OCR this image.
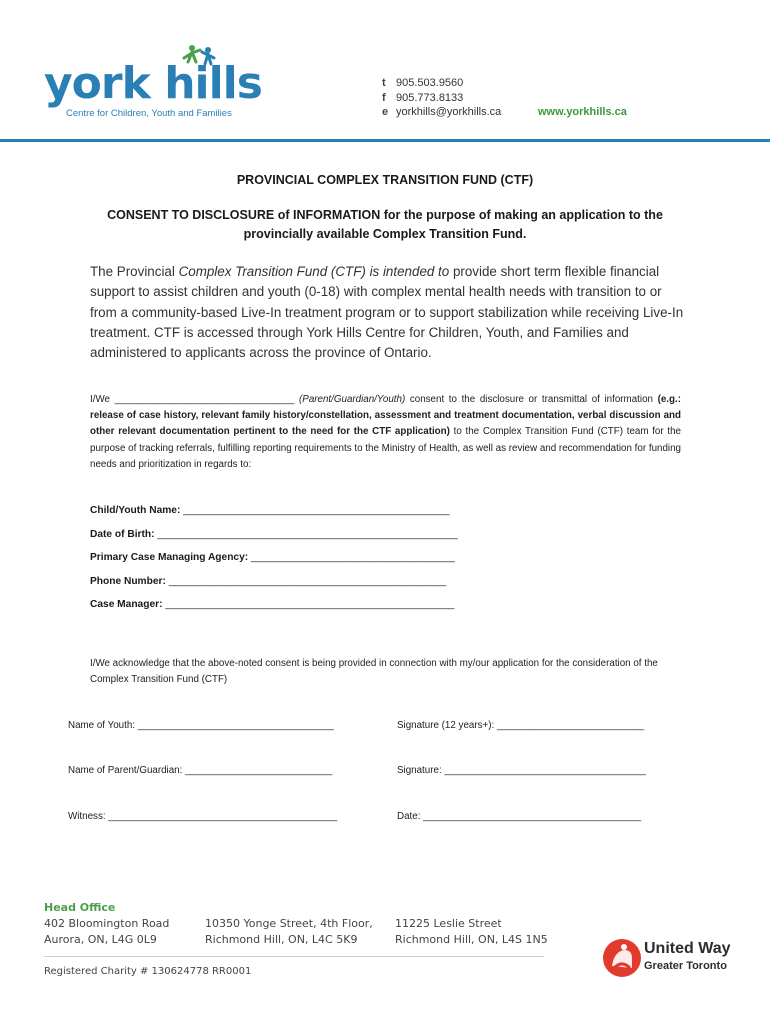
york hills
Centre for Children, Youth and Families
t 905.503.9560
f 905.773.8133
e yorkhills@yorkhills.ca	www.yorkhills.ca
PROVINCIAL COMPLEX TRANSITION FUND (CTF)
CONSENT TO DISCLOSURE of INFORMATION for the purpose of making an application to the provincially available Complex Transition Fund.
The Provincial Complex Transition Fund (CTF) is intended to provide short term flexible financial support to assist children and youth (0-18) with complex mental health needs with transition to or from a community-based Live-In treatment program or to support stabilization while receiving Live-In treatment. CTF is accessed through York Hills Centre for Children, Youth, and Families and administered to applicants across the province of Ontario.
I/We _________________________________ (Parent/Guardian/Youth) consent to the disclosure or transmittal of information (e.g.: release of case history, relevant family history/constellation, assessment and treatment documentation, verbal discussion and other relevant documentation pertinent to the need for the CTF application) to the Complex Transition Fund (CTF) team for the purpose of tracking referrals, fulfilling reporting requirements to the Ministry of Health, as well as review and recommendation for funding needs and prioritization in regards to:
Child/Youth Name: _______________________________________________
Date of Birth: _____________________________________________________
Primary Case Managing Agency: ____________________________________
Phone Number: _________________________________________________
Case Manager: ___________________________________________________
I/We acknowledge that the above-noted consent is being provided in connection with my/our application for the consideration of the Complex Transition Fund (CTF)
Name of Youth: ____________________________________	Signature (12 years+): ___________________________
Name of Parent/Guardian: ___________________________	Signature: _____________________________________
Witness: __________________________________________	Date: ________________________________________
Head Office
402 Bloomington Road
Aurora, ON, L4G 0L9
10350 Yonge Street, 4th Floor,
Richmond Hill, ON, L4C 5K9
11225 Leslie Street
Richmond Hill, ON, L4S 1N5
Registered Charity # 130624778 RR0001
United Way
Greater Toronto
